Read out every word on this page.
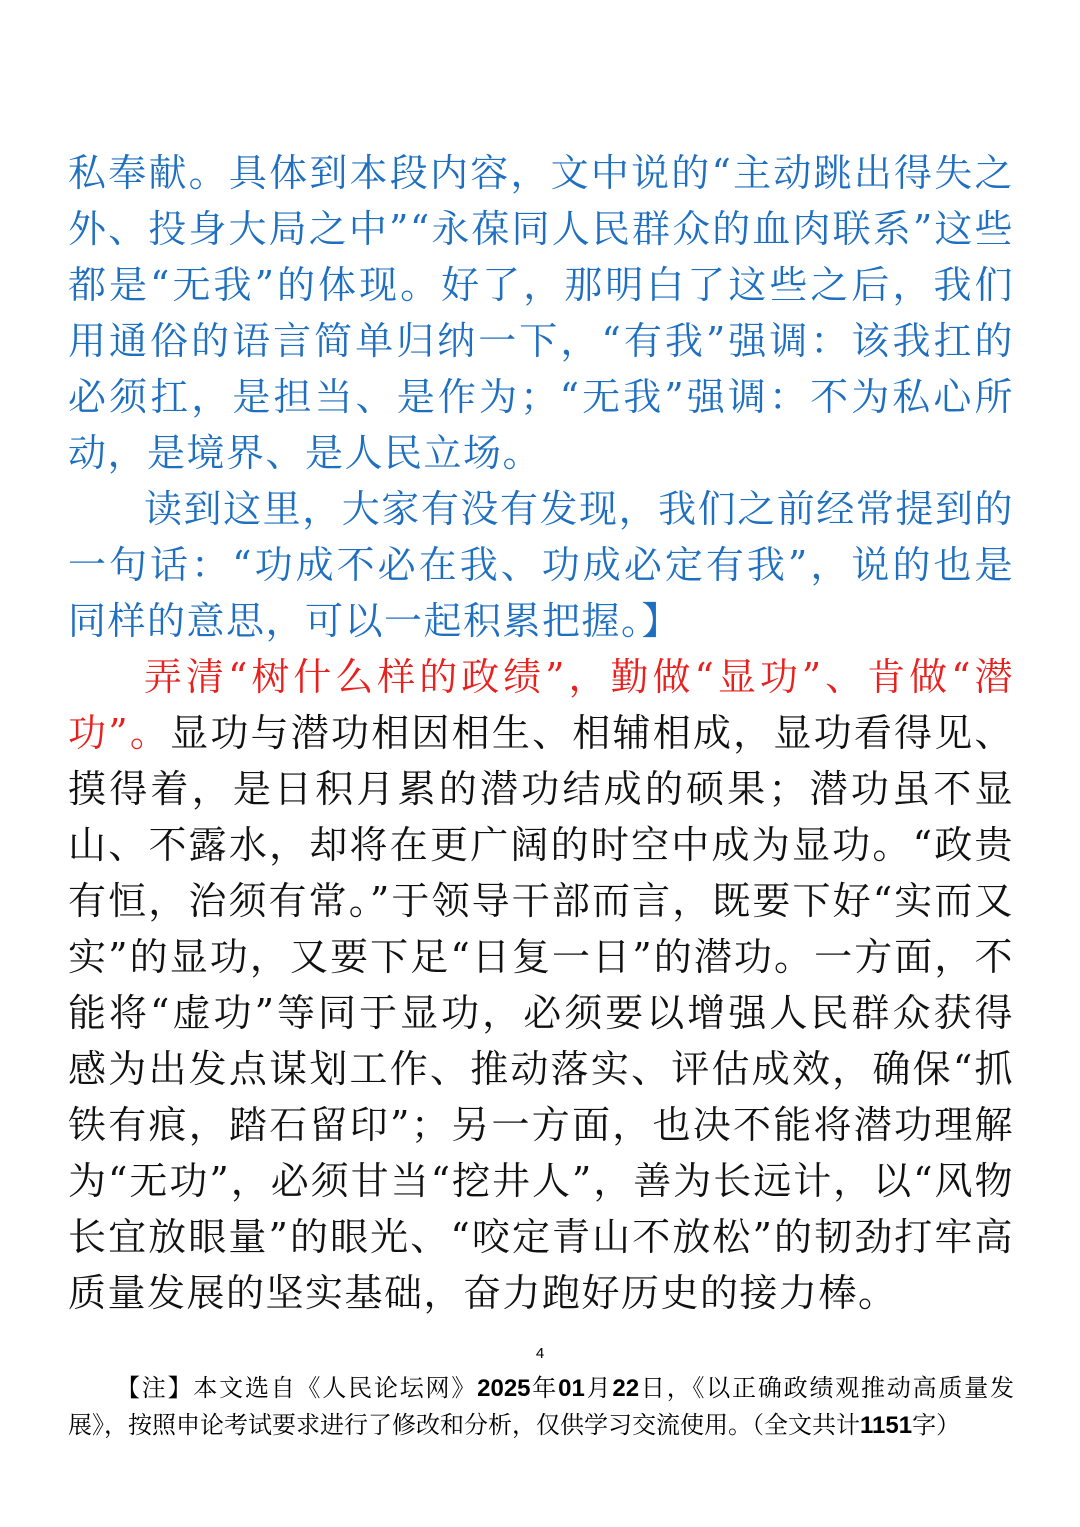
私奉献。具体到本段内容，文中说的“主动跳出得失之外、投身大局之中”“永葆同人民群众的血肉联系”这些都是“无我”的体现。好了，那明白了这些之后，我们用通俗的语言简单归纳一下，“有我”强调：该我扛的必须扛，是担当、是作为；“无我”强调：不为私心所动，是境界、是人民立场。

读到这里，大家有没有发现，我们之前经常提到的一句话：“功成不必在我、功成必定有我”，说的也是同样的意思，可以一起积累把握。】

弄清“树什么样的政绩”，勤做“显功”、肯做“潜功”。显功与潜功相因相生、相辅相成，显功看得见、摸得着，是日积月累的潜功结成的硕果；潜功虽不显山、不露水，却将在更广阔的时空中成为显功。“政贵有恒，治须有常。”于领导干部而言，既要下好“实而又实”的显功，又要下足“日复一日”的潜功。一方面，不能将“虚功”等同于显功，必须要以增强人民群众获得感为出发点谋划工作、推动落实、评估成效，确保“抓铁有痕，踏石留印”；另一方面，也决不能将潜功理解为“无功”，必须甘当“挖井人”，善为长远计，以“风物长宜放眼量”的眼光、“咬定青山不放松”的韧劲打牢高质量发展的坚实基础，奋力跑好历史的接力棒。

4
【注】本文选自《人民论坛网》2025年01月22日，《以正确政绩观推动高质量发展》，按照申论考试要求进行了修改和分析，仅供学习交流使用。（全文共计1151字）
